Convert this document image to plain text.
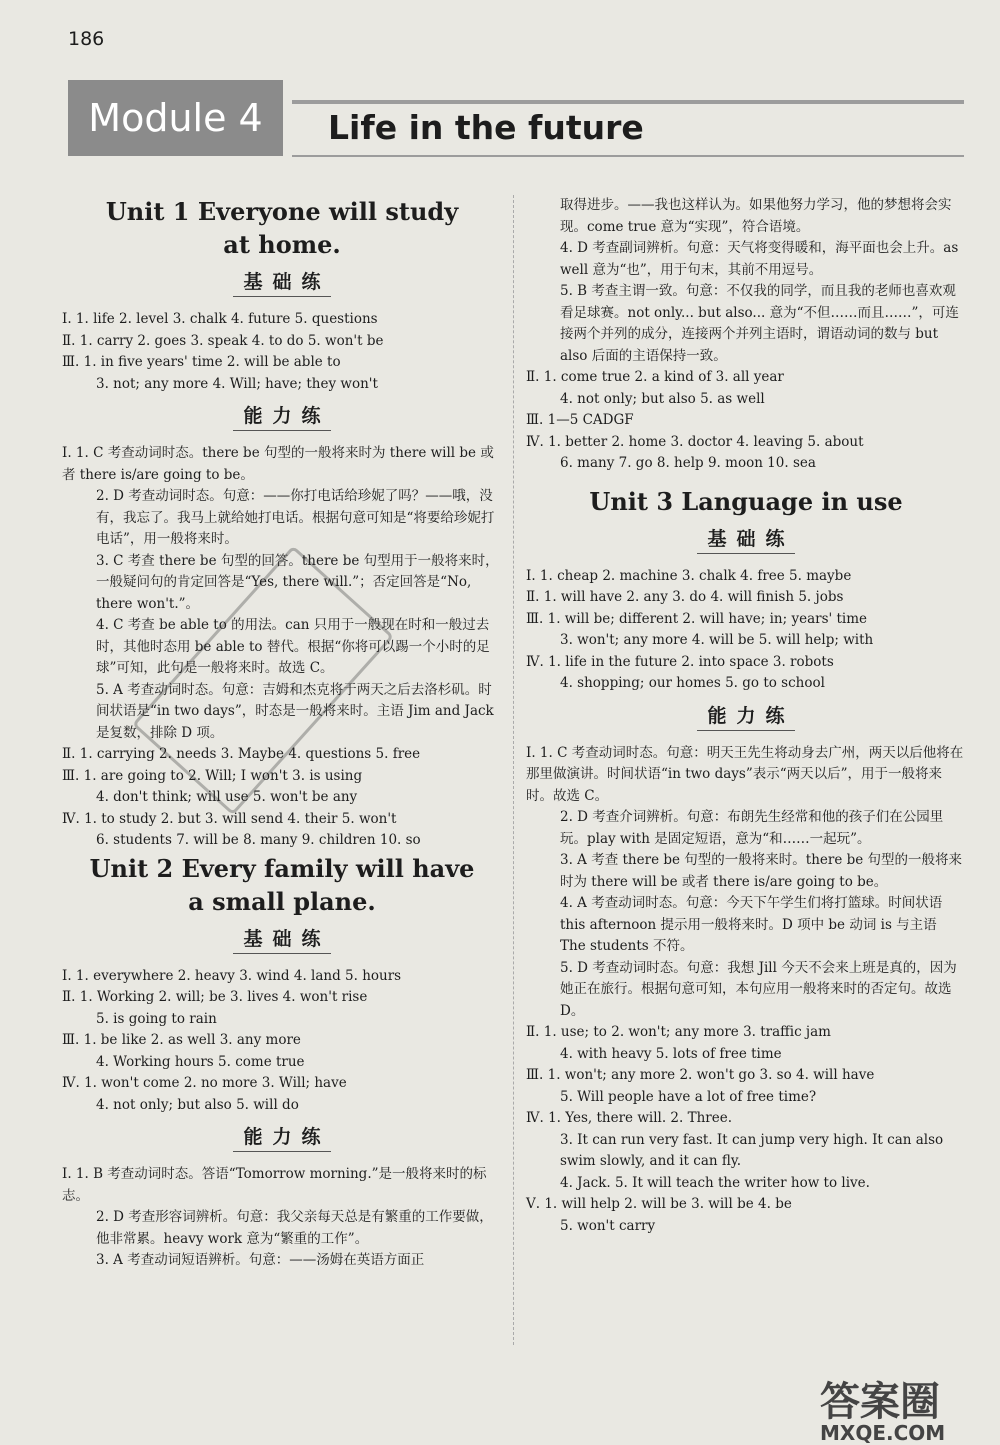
186
Module 4	Life in the future
Unit 1 Everyone will study
at home.
基础练
Ⅰ. 1. life 2. level 3. chalk 4. future 5. questions
Ⅱ. 1. carry 2. goes 3. speak 4. to do 5. won't be
Ⅲ. 1. in five years' time 2. will be able to
3. not; any more 4. Will; have; they won't
能力练
Ⅰ. 1. C 考查动词时态。there be 句型的一般将来时为 there will be 或者 there is/are going to be。
2. D 考查动词时态。句意：——你打电话给珍妮了吗？——哦，没有，我忘了。我马上就给她打电话。根据句意可知是“将要给珍妮打电话”，用一般将来时。
3. C 考查 there be 句型的回答。there be 句型用于一般将来时，一般疑问句的肯定回答是“Yes, there will.”；否定回答是“No, there won't.”。
4. C 考查 be able to 的用法。can 只用于一般现在时和一般过去时，其他时态用 be able to 替代。根据“你将可以踢一个小时的足球”可知，此句是一般将来时。故选 C。
5. A 考查动词时态。句意：吉姆和杰克将于两天之后去洛杉矶。时间状语是“in two days”，时态是一般将来时。主语 Jim and Jack 是复数，排除 D 项。
Ⅱ. 1. carrying 2. needs 3. Maybe 4. questions 5. free
Ⅲ. 1. are going to 2. Will; I won't 3. is using
4. don't think; will use 5. won't be any
Ⅳ. 1. to study 2. but 3. will send 4. their 5. won't
6. students 7. will be 8. many 9. children 10. so
Unit 2 Every family will have
a small plane.
基础练
Ⅰ. 1. everywhere 2. heavy 3. wind 4. land 5. hours
Ⅱ. 1. Working 2. will; be 3. lives 4. won't rise
5. is going to rain
Ⅲ. 1. be like 2. as well 3. any more
4. Working hours 5. come true
Ⅳ. 1. won't come 2. no more 3. Will; have
4. not only; but also 5. will do
能力练
Ⅰ. 1. B 考查动词时态。答语“Tomorrow morning.”是一般将来时的标志。
2. D 考查形容词辨析。句意：我父亲每天总是有繁重的工作要做，他非常累。heavy work 意为“繁重的工作”。
3. A 考查动词短语辨析。句意：——汤姆在英语方面正
取得进步。——我也这样认为。如果他努力学习，他的梦想将会实现。come true 意为“实现”，符合语境。
4. D 考查副词辨析。句意：天气将变得暖和，海平面也会上升。as well 意为“也”，用于句末，其前不用逗号。
5. B 考查主谓一致。句意：不仅我的同学，而且我的老师也喜欢观看足球赛。not only... but also... 意为“不但……而且……”，可连接两个并列的成分，连接两个并列主语时，谓语动词的数与 but also 后面的主语保持一致。
Ⅱ. 1. come true 2. a kind of 3. all year
4. not only; but also 5. as well
Ⅲ. 1—5 CADGF
Ⅳ. 1. better 2. home 3. doctor 4. leaving 5. about
6. many 7. go 8. help 9. moon 10. sea
Unit 3 Language in use
基础练
Ⅰ. 1. cheap 2. machine 3. chalk 4. free 5. maybe
Ⅱ. 1. will have 2. any 3. do 4. will finish 5. jobs
Ⅲ. 1. will be; different 2. will have; in; years' time
3. won't; any more 4. will be 5. will help; with
Ⅳ. 1. life in the future 2. into space 3. robots
4. shopping; our homes 5. go to school
能力练
Ⅰ. 1. C 考查动词时态。句意：明天王先生将动身去广州，两天以后他将在那里做演讲。时间状语“in two days”表示“两天以后”，用于一般将来时。故选 C。
2. D 考查介词辨析。句意：布朗先生经常和他的孩子们在公园里玩。play with 是固定短语，意为“和……一起玩”。
3. A 考查 there be 句型的一般将来时。there be 句型的一般将来时为 there will be 或者 there is/are going to be。
4. A 考查动词时态。句意：今天下午学生们将打篮球。时间状语 this afternoon 提示用一般将来时。D 项中 be 动词 is 与主语 The students 不符。
5. D 考查动词时态。句意：我想 Jill 今天不会来上班是真的，因为她正在旅行。根据句意可知，本句应用一般将来时的否定句。故选 D。
Ⅱ. 1. use; to 2. won't; any more 3. traffic jam
4. with heavy 5. lots of free time
Ⅲ. 1. won't; any more 2. won't go 3. so 4. will have
5. Will people have a lot of free time?
Ⅳ. 1. Yes, there will. 2. Three.
3. It can run very fast. It can jump very high. It can also swim slowly, and it can fly.
4. Jack. 5. It will teach the writer how to live.
Ⅴ. 1. will help 2. will be 3. will be 4. be
5. won't carry
答案圈
MXQE.COM
